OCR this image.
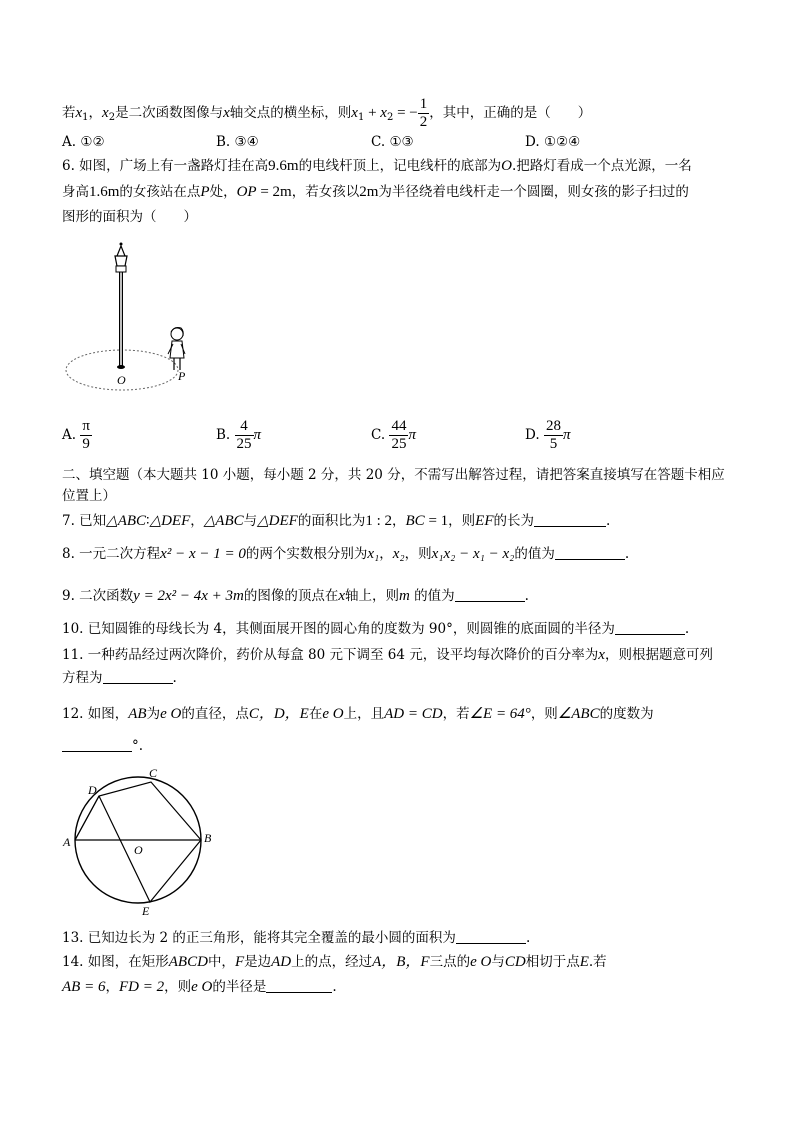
若$x_1$，$x_2$是二次函数图像与x轴交点的横坐标，则$x_1 + x_2$ = − $\frac{1}{2}$ ，其中，正确的是（　　）
A. ①②	B. ③④	C. ①③	D. ①②④
6. 如图，广场上有一盏路灯挂在高9.6m的电线杆顶上，记电线杆的底部为O.把路灯看成一个点光源，一名
身高1.6m的女孩站在点P处，OP = 2m，若女孩以2m为半径绕着电线杆走一个圆圈，则女孩的影子扫过的
图形的面积为（　　）
O	P
A. $\frac{\pi}{9}$	B. $\frac{4}{25}$ π	C. $\frac{44}{25}$ π	D. $\frac{28}{5}$ π
二、填空题（本大题共 10 小题，每小题 2 分，共 20 分，不需写出解答过程，请把答案直接填写在答题卡相应
位置上）
7. 已知△ABC∶△DEF，△ABC与△DEF的面积比为1 : 2，BC = 1，则EF的长为	.
8. 一元二次方程x² − x − 1 = 0的两个实数根分别为x₁，x₂，则x₁x₂ − x₁ − x₂的值为	.
9. 二次函数y = 2x² − 4x + 3m的图像的顶点在x轴上，则m 的值为	.
10. 已知圆锥的母线长为 4，其侧面展开图的圆心角的度数为 90°，则圆锥的底面圆的半径为	.
11. 一种药品经过两次降价，药价从每盒 80 元下调至 64 元，设平均每次降价的百分率为x，则根据题意可列
方程为	.
12. 如图，AB为e O的直径，点C，D，E在e O上，且AD = CD，若∠E = 64°，则∠ABC的度数为
°.
A	B
C
D
E
O
13. 已知边长为 2 的正三角形，能将其完全覆盖的最小圆的面积为	.
14. 如图，在矩形ABCD中，F是边AD上的点，经过A，B，F三点的e O与CD相切于点E.若
AB = 6，FD = 2，则e O的半径是	.
